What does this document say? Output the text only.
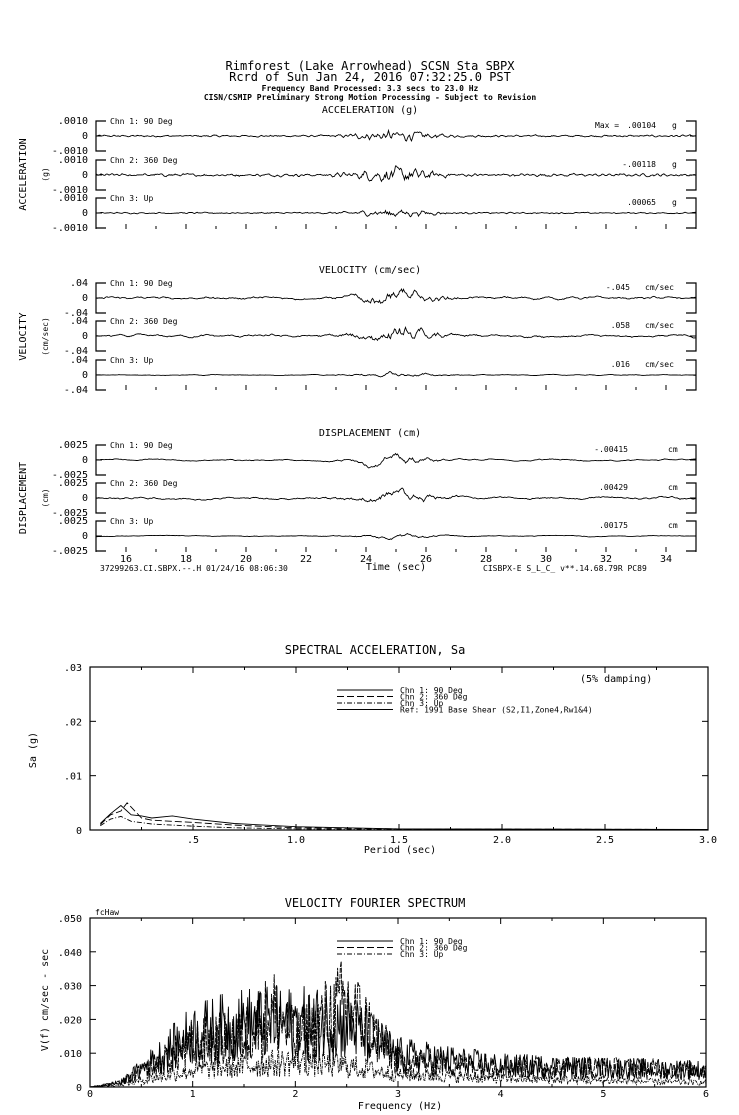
Rimforest (Lake Arrowhead) SCSN Sta SBPX
Rcrd of Sun Jan 24, 2016 07:32:25.0 PST
Frequency Band Processed: 3.3 secs to 23.0 Hz
CISN/CSMIP Preliminary Strong Motion Processing - Subject to Revision
ACCELERATION (g)
ACCELERATION (g)
.0010
0
-.0010
Chn 1: 90 Deg	Max = .00104 g
.0010
0
-.0010
Chn 2: 360 Deg	-.00118 g
.0010
0
-.0010
Chn 3: Up	.00065 g
VELOCITY (cm/sec)
VELOCITY (cm/sec)
.04
0
-.04
Chn 1: 90 Deg	-.045 cm/sec
.04
0
-.04
Chn 2: 360 Deg	.058 cm/sec
.04
0
-.04
Chn 3: Up	.016 cm/sec
DISPLACEMENT (cm)
DISPLACEMENT (cm)
.0025
0
-.0025
Chn 1: 90 Deg	-.00415	cm
.0025
0
-.0025
Chn 2: 360 Deg	.00429	cm
.0025
0
-.0025
Chn 3: Up	.00175	cm
16	18	20	22	24	26	28	30	32	34
Time (sec)
37299263.CI.SBPX.--.H 01/24/16 08:06:30	CISBPX-E S_L_C_ v**.14.68.79R PC89
SPECTRAL ACCELERATION, Sa
.03
.02
.01
0
.5	1.0	1.5	2.0	2.5	3.0
Period (sec)
Sa (g)
(5% damping)
Chn 1: 90 Deg
Chn 2: 360 Deg
Chn 3: Up
Ref: 1991 Base Shear (S2,I1,Zone4,Rw1&4)
VELOCITY FOURIER SPECTRUM
fcHaw
.050
.040
.030
.020
.010
0
0	1	2	3	4	5	6
Frequency (Hz)
V(f) cm/sec - sec
Chn 1: 90 Deg
Chn 2: 360 Deg
Chn 3: Up
